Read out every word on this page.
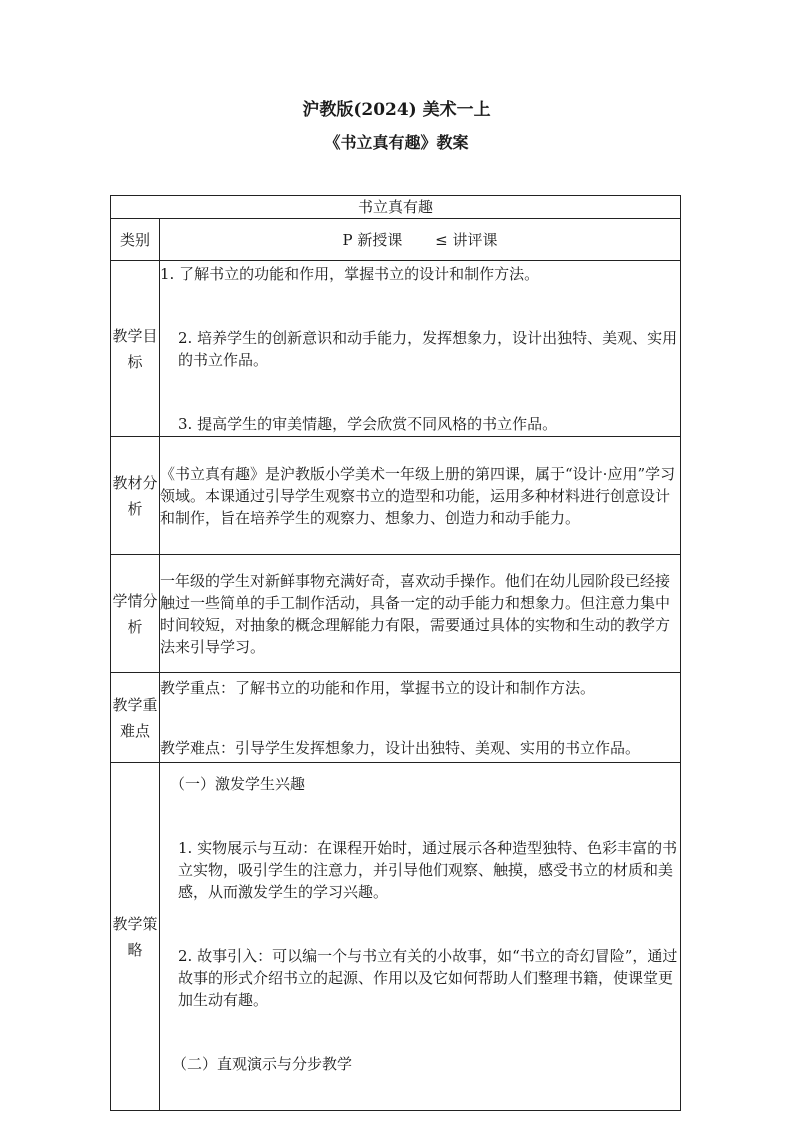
沪教版(2024) 美术一上
《书立真有趣》教案
书立真有趣	
类别	P 新授课 ≤ 讲评课
教学目标	1. 了解书立的功能和作用，掌握书立的设计和制作方法。

2. 培养学生的创新意识和动手能力，发挥想象力，设计出独特、美观、实用的书立作品。

3. 提高学生的审美情趣，学会欣赏不同风格的书立作品。

教材分析	《书立真有趣》是沪教版小学美术一年级上册的第四课，属于“设计·应用”学习领域。本课通过引导学生观察书立的造型和功能，运用多种材料进行创意设计和制作，旨在培养学生的观察力、想象力、创造力和动手能力。
学情分析	一年级的学生对新鲜事物充满好奇，喜欢动手操作。他们在幼儿园阶段已经接触过一些简单的手工制作活动，具备一定的动手能力和想象力。但注意力集中时间较短，对抽象的概念理解能力有限，需要通过具体的实物和生动的教学方法来引导学习。
教学重难点	教学重点：了解书立的功能和作用，掌握书立的设计和制作方法。

教学难点：引导学生发挥想象力，设计出独特、美观、实用的书立作品。

教学策略	（一）激发学生兴趣

1. 实物展示与互动：在课程开始时，通过展示各种造型独特、色彩丰富的书立实物，吸引学生的注意力，并引导他们观察、触摸，感受书立的材质和美感，从而激发学生的学习兴趣。

2. 故事引入：可以编一个与书立有关的小故事，如“书立的奇幻冒险”，通过故事的形式介绍书立的起源、作用以及它如何帮助人们整理书籍，使课堂更加生动有趣。

（二）直观演示与分步教学
